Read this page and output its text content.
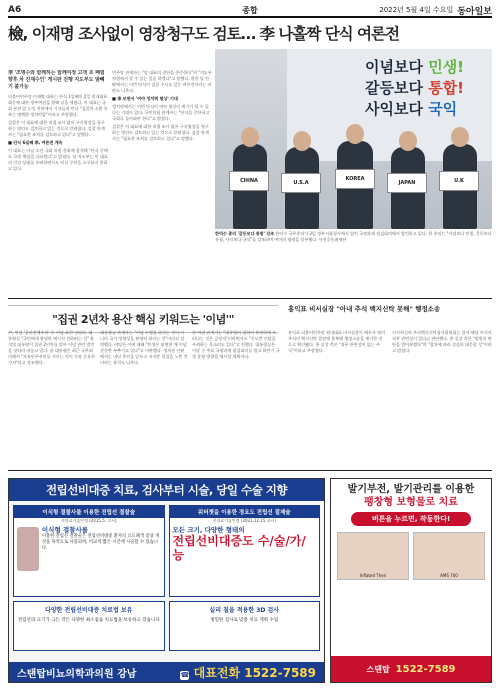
A6	종합	2022년 5월 4일 수요일 동아일보
檢, 이재명 조사없이 영장청구도 검토… 李 나홀짝 단식 여론전
李 '조명수와 함께하는 함께여정 고객 초 폐렴 향후 차 진재수인' 게시판 진행 지도부도 발빼기 불가능

더불어민주당 이재명 대표는 단식 1일째인 2일 원내대표 회동에 대한 정부여권을 향해 날을 세웠다. 이 대표는 국회 본관 앞 농성 천막에서 기자들과 만나 "검찰의 소환 통보는 명백한 정치탄압"이라고 주장했다.

검찰은 이 대표에 대한 직접 조사 없이 구속영장을 청구하는 방안도 검토하고 있는 것으로 알려졌다. 검찰 관계자는 "필요한 조치를 검토하고 있다"고 말했다.

■ 단식 6일째 李, 여론전 계속

이 대표는 이날 오전 국회 의원 총회에 참석해 "단식 중에도 국정 책임을 다하겠다"고 밝혔다. 당 지도부는 이 대표의 건강 상태를 우려하면서도 단식 중단을 요구하지 못하고 있다.

민주당 관계자는 "당 대표의 결단을 존중한다"며 "지도부 차원에서 할 수 있는 일을 하겠다"고 말했다. 한편 당 안팎에서는 이번 단식이 검찰 수사를 앞둔 여론전이라는 비판도 나온다.

■ 李 보면서 '여야 정치력 협상' 기대

정치권에서는 이번 단식이 여야 협상의 계기가 될 수 있다는 기대도 있다. 국민의힘 관계자는 "단식을 중단하고 국회로 돌아와야 한다"고 밝혔다.

검찰은 이 대표에 대한 직접 조사 없이 구속영장을 청구하는 방안도 검토하고 있는 것으로 알려졌다. 검찰 관계자는 "필요한 조치를 검토하고 있다"고 말했다.

이념보다 민생!
갈등보다 통합!
사익보다 국익
CHINA	U.S.A
KOREA
JAPAN	U.K

한덕수 총리 '갈등보다 통합' 강조 한덕수 국무총리가 2일 정부서울청사에서 열린 국정과제 점검회의에서 발언하고 있다. 한 총리는 "이념보다 민생, 갈등보다 통합, 사익보다 국익"을 강조하며 여야의 협력을 당부했다. 사진공동취재단

"집권 2년차 용산 핵심 키워드는 '이념'"
홍익표 비서실장 "아내 추석 백지신탁 못해" 행정소송
尹, 연설 '공산전체주의' 등 이념 표현 잇따라. 대통령실 "국민에게 분명한 메시지 전하려는 것" 윤석열 대통령이 집권 2년차를 맞아 이념 관련 발언을 잇따라 내놓고 있다. 윤 대통령은 최근 국무회의에서 "자유민주주의를 지키는 것이 가장 중요한 가치"라고 강조했다.
대통령실 관계자는 "이념 논쟁을 하자는 것이 아니라 국가 정체성을 분명히 하자는 것"이라고 설명했다. 야당은 이에 대해 "민생은 외면한 채 이념 갈등만 부추기고 있다"고 비판했다. 정치권 안팎에서는 내년 총선을 앞두고 지지층 결집을 노린 것이라는 분석도 나온다.
한 여권 관계자는 "대통령의 철학이 분명하게 드러나는 것은 긍정적"이라면서도 "중도층 이탈을 우려하는 목소리도 있다"고 전했다. 대통령실은 이달 중 주요 국정과제 점검회의를 열고 하반기 국정 운영 방향을 제시할 계획이다.
홍익표 더불어민주당 원내대표 비서실장이 배우자 명의 주식의 백지신탁 결정에 불복해 행정소송을 제기한 것으로 확인됐다. 홍 실장 측은 "직무 관련성이 없는 주식"이라고 주장했다.
인사혁신처 주식백지신탁심사위원회는 앞서 해당 주식이 직무 관련성이 있다고 판단했다. 홍 실장 측은 "법원의 판단을 받아보겠다"며 "절차에 따라 성실히 대응할 것"이라고 밝혔다.
전립선비대증 치료, 검사부터 시술, 당일 수술 지향
이식형 결찰사를 이용한 전립선 결찰술
신의료기술인정 (2015.5. 고시)
이식형 결찰사를
이용한 전립선 결찰술은 전립선비대증 환자의 요도폐색 증상 개선을 목적으로 사용되며, 비교적 짧은 시간에 시술할 수 있습니다.
워터젯을 이용한 경요도 전립선 절제술
신의료기술인정 (2021.12.15 고시)
모든 크기, 다양한 형태의
전립선비대증도 수/술/가/능
다양한 전립선비대증 치료법 보유
전립선의 크기가 크든 작든 다양한 최소침습 치료법을 보유하고 있습니다
실리 칠을 적용한 3D 검사
정밀한 검사로 맞춤 치료 계획 수립
스탠탑비뇨의학과의원 강남	☎ 대표전화 1522-7589
발기부전, 발기관리를 이용한
팽창형 보형물로 치료
버튼을 누르면, 작동한다!
Inflated Then	AMS 700
스탠탑 1522-7589
